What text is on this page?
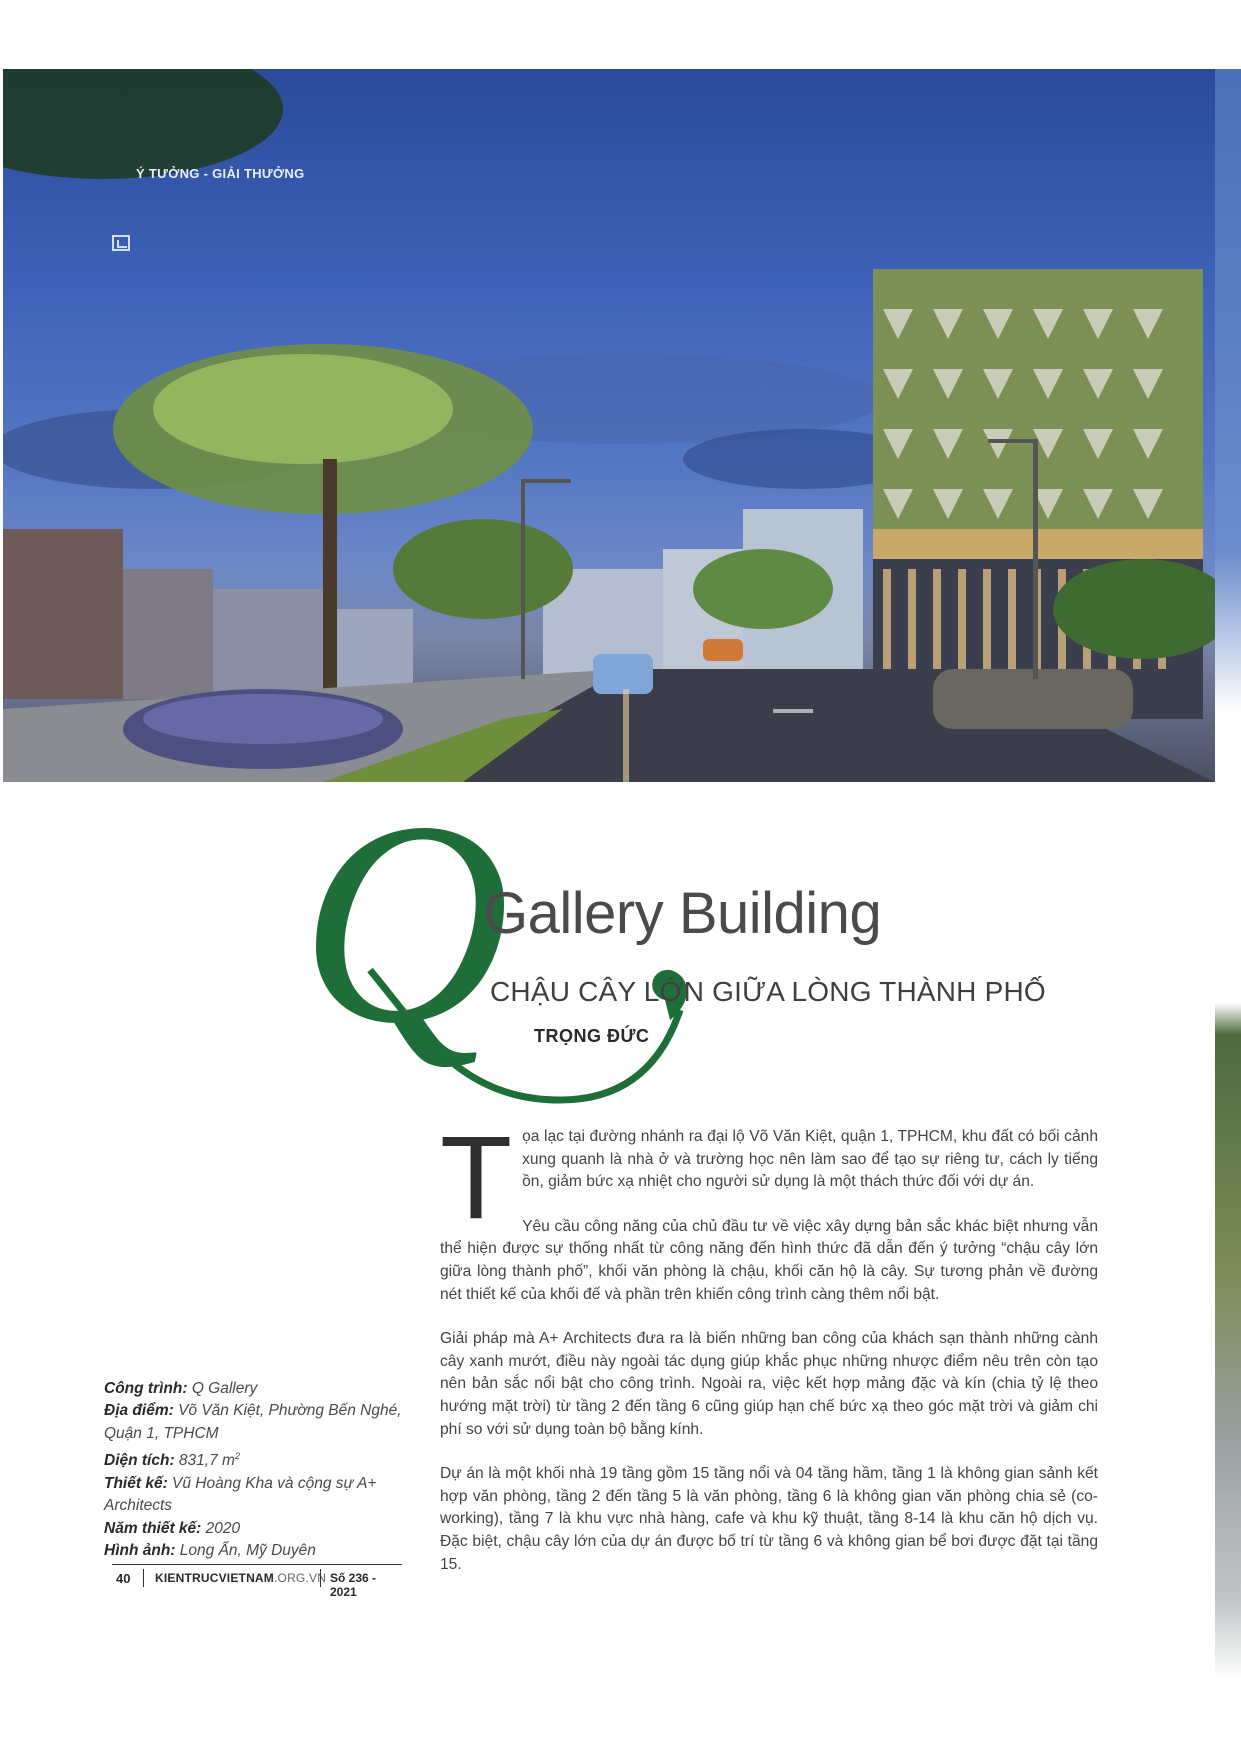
Ý TƯỞNG - GIẢI THƯỞNG
Q
Gallery Building
CHẬU CÂY LỚN GIỮA LÒNG THÀNH PHỐ
TRỌNG ĐỨC

Tọa lạc tại đường nhánh ra đại lộ Võ Văn Kiệt, quận 1, TPHCM, khu đất có bối cảnh xung quanh là nhà ở và trường học nên làm sao để tạo sự riêng tư, cách ly tiếng ồn, giảm bức xạ nhiệt cho người sử dụng là một thách thức đối với dự án.

Yêu cầu công năng của chủ đầu tư về việc xây dựng bản sắc khác biệt nhưng vẫn thể hiện được sự thống nhất từ công năng đến hình thức đã dẫn đến ý tưởng “chậu cây lớn giữa lòng thành phố”, khối văn phòng là chậu, khối căn hộ là cây. Sự tương phản về đường nét thiết kế của khối đế và phần trên khiến công trình càng thêm nổi bật.

Giải pháp mà A+ Architects đưa ra là biến những ban công của khách sạn thành những cành cây xanh mướt, điều này ngoài tác dụng giúp khắc phục những nhược điểm nêu trên còn tạo nên bản sắc nổi bật cho công trình. Ngoài ra, việc kết hợp mảng đặc và kín (chia tỷ lệ theo hướng mặt trời) từ tầng 2 đến tầng 6 cũng giúp hạn chế bức xạ theo góc mặt trời và giảm chi phí so với sử dụng toàn bộ bằng kính.

Dự án là một khối nhà 19 tầng gồm 15 tầng nổi và 04 tầng hầm, tầng 1 là không gian sảnh kết hợp văn phòng, tầng 2 đến tầng 5 là văn phòng, tầng 6 là không gian văn phòng chia sẻ (co-working), tầng 7 là khu vực nhà hàng, cafe và khu kỹ thuật, tầng 8-14 là khu căn hộ dịch vụ. Đặc biệt, chậu cây lớn của dự án được bố trí từ tầng 6 và không gian bể bơi được đặt tại tầng 15.

Công trình: Q Gallery
Địa điểm: Võ Văn Kiệt, Phường Bến Nghé,
Quận 1, TPHCM
Diện tích: 831,7 $m^2$
Thiết kế: Vũ Hoàng Kha và cộng sự A+ Architects
Năm thiết kế: 2020
Hình ảnh: Long Ẩn, Mỹ Duyên
40 KIENTRUCVIETNAM.ORG.VN Số 236 - 2021
